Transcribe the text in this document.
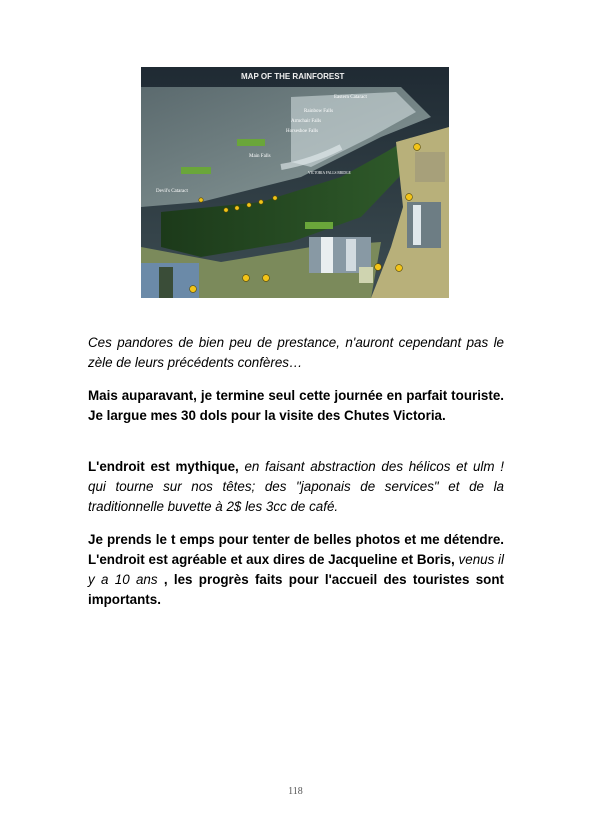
MAP OF THE RAINFOREST
Eastern Cataract
Rainbow Falls
Armchair Falls
Horseshoe Falls
Main Falls
Devil's Cataract
VICTORIA FALLS BRIDGE

Ces pandores de bien peu de prestance, n'auront cependant pas le zèle de leurs précédents confères…

Mais auparavant, je termine seul cette journée en parfait touriste. Je largue mes 30 dols pour la visite des Chutes Victoria.

L'endroit est mythique, en faisant abstraction des hélicos et ulm ! qui tourne sur nos têtes; des "japonais de services" et de la traditionnelle buvette à 2$ les 3cc de café.

Je prends le t emps pour tenter de belles photos et me détendre. L'endroit est agréable et aux dires de Jacqueline et Boris, venus il y a 10 ans , les progrès faits pour l'accueil des touristes sont importants.

118
